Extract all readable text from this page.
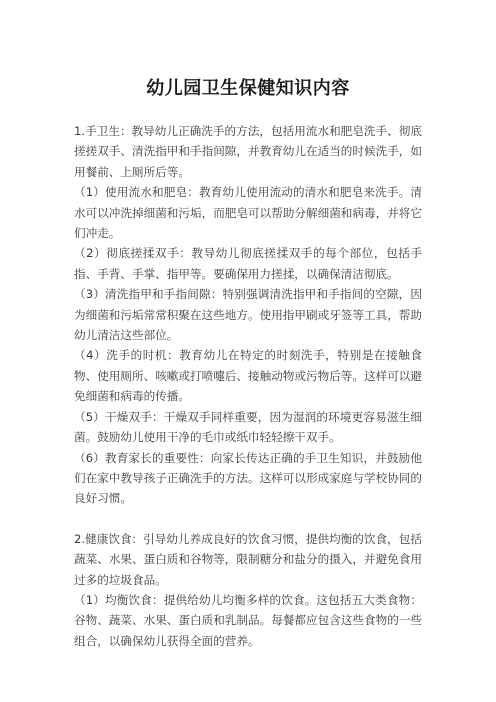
幼儿园卫生保健知识内容

1.手卫生：教导幼儿正确洗手的方法，包括用流水和肥皂洗手、彻底搓搓双手、清洗指甲和手指间隙，并教育幼儿在适当的时候洗手，如用餐前、上厕所后等。

（1）使用流水和肥皂：教育幼儿使用流动的清水和肥皂来洗手。清水可以冲洗掉细菌和污垢，而肥皂可以帮助分解细菌和病毒，并将它们冲走。

（2）彻底搓揉双手：教导幼儿彻底搓揉双手的每个部位，包括手指、手背、手掌、指甲等。要确保用力搓揉，以确保清洁彻底。

（3）清洗指甲和手指间隙：特别强调清洗指甲和手指间的空隙，因为细菌和污垢常常积聚在这些地方。使用指甲刷或牙签等工具，帮助幼儿清洁这些部位。

（4）洗手的时机：教育幼儿在特定的时刻洗手，特别是在接触食物、使用厕所、咳嗽或打喷嚏后、接触动物或污物后等。这样可以避免细菌和病毒的传播。

（5）干燥双手：干燥双手同样重要，因为湿润的环境更容易滋生细菌。鼓励幼儿使用干净的毛巾或纸巾轻轻擦干双手。

（6）教育家长的重要性：向家长传达正确的手卫生知识，并鼓励他们在家中教导孩子正确洗手的方法。这样可以形成家庭与学校协同的良好习惯。

2.健康饮食：引导幼儿养成良好的饮食习惯，提供均衡的饮食，包括蔬菜、水果、蛋白质和谷物等，限制糖分和盐分的摄入，并避免食用过多的垃圾食品。

（1）均衡饮食：提供给幼儿均衡多样的饮食。这包括五大类食物：谷物、蔬菜、水果、蛋白质和乳制品。每餐都应包含这些食物的一些组合，以确保幼儿获得全面的营养。
